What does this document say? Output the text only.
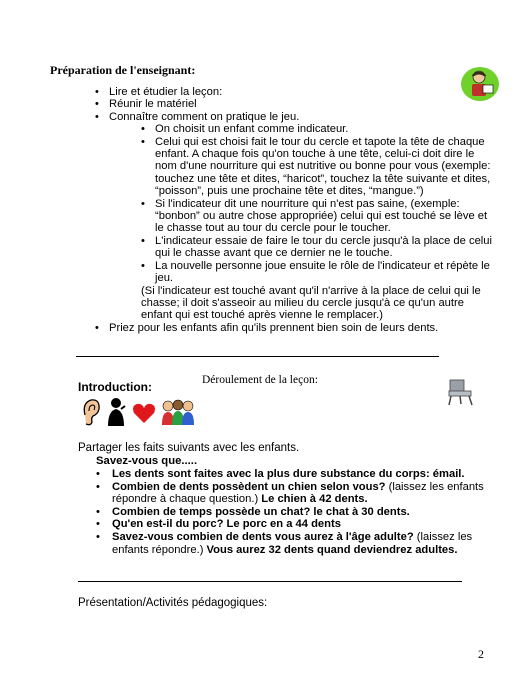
Préparation de l'enseignant:
• Lire et étudier la leçon:
• Réunir le matériel
• Connaître comment on pratique le jeu.
• On choisit un enfant comme indicateur.
• Celui qui est choisi fait le tour du cercle et tapote la tête de chaque enfant. A chaque fois qu'on touche à une tête, celui-ci doit dire le nom d'une nourriture qui est nutritive ou bonne pour vous (exemple: touchez une tête et dites, “haricot”, touchez la tête suivante et dites, “poisson”, puis une prochaine tête et dites, “mangue.”)
• Si l'indicateur dit une nourriture qui n'est pas saine, (exemple: “bonbon” ou autre chose appropriée) celui qui est touché se lève et le chasse tout au tour du cercle pour le toucher.
• L'indicateur essaie de faire le tour du cercle jusqu'à la place de celui qui le chasse avant que ce dernier ne le touche.
• La nouvelle personne joue ensuite le rôle de l'indicateur et répète le jeu.
(Si l'indicateur est touché avant qu'il n'arrive à la place de celui qui le chasse; il doit s'asseoir au milieu du cercle jusqu'à ce qu'un autre enfant qui est touché après vienne le remplacer.)
• Priez pour les enfants afin qu'ils prennent bien soin de leurs dents.
Déroulement de la leçon:
Introduction:
Partager les faits suivants avec les enfants.
Savez-vous que.....
• Les dents sont faites avec la plus dure substance du corps: émail.
• Combien de dents possèdent un chien selon vous? (laissez les enfants répondre à chaque question.) Le chien à 42 dents.
• Combien de temps possède un chat? le chat à 30 dents.
• Qu'en est-il du porc? Le porc en a 44 dents
• Savez-vous combien de dents vous aurez à l'âge adulte? (laissez les enfants répondre.) Vous aurez 32 dents quand deviendrez adultes.
Présentation/Activités pédagogiques:
2
